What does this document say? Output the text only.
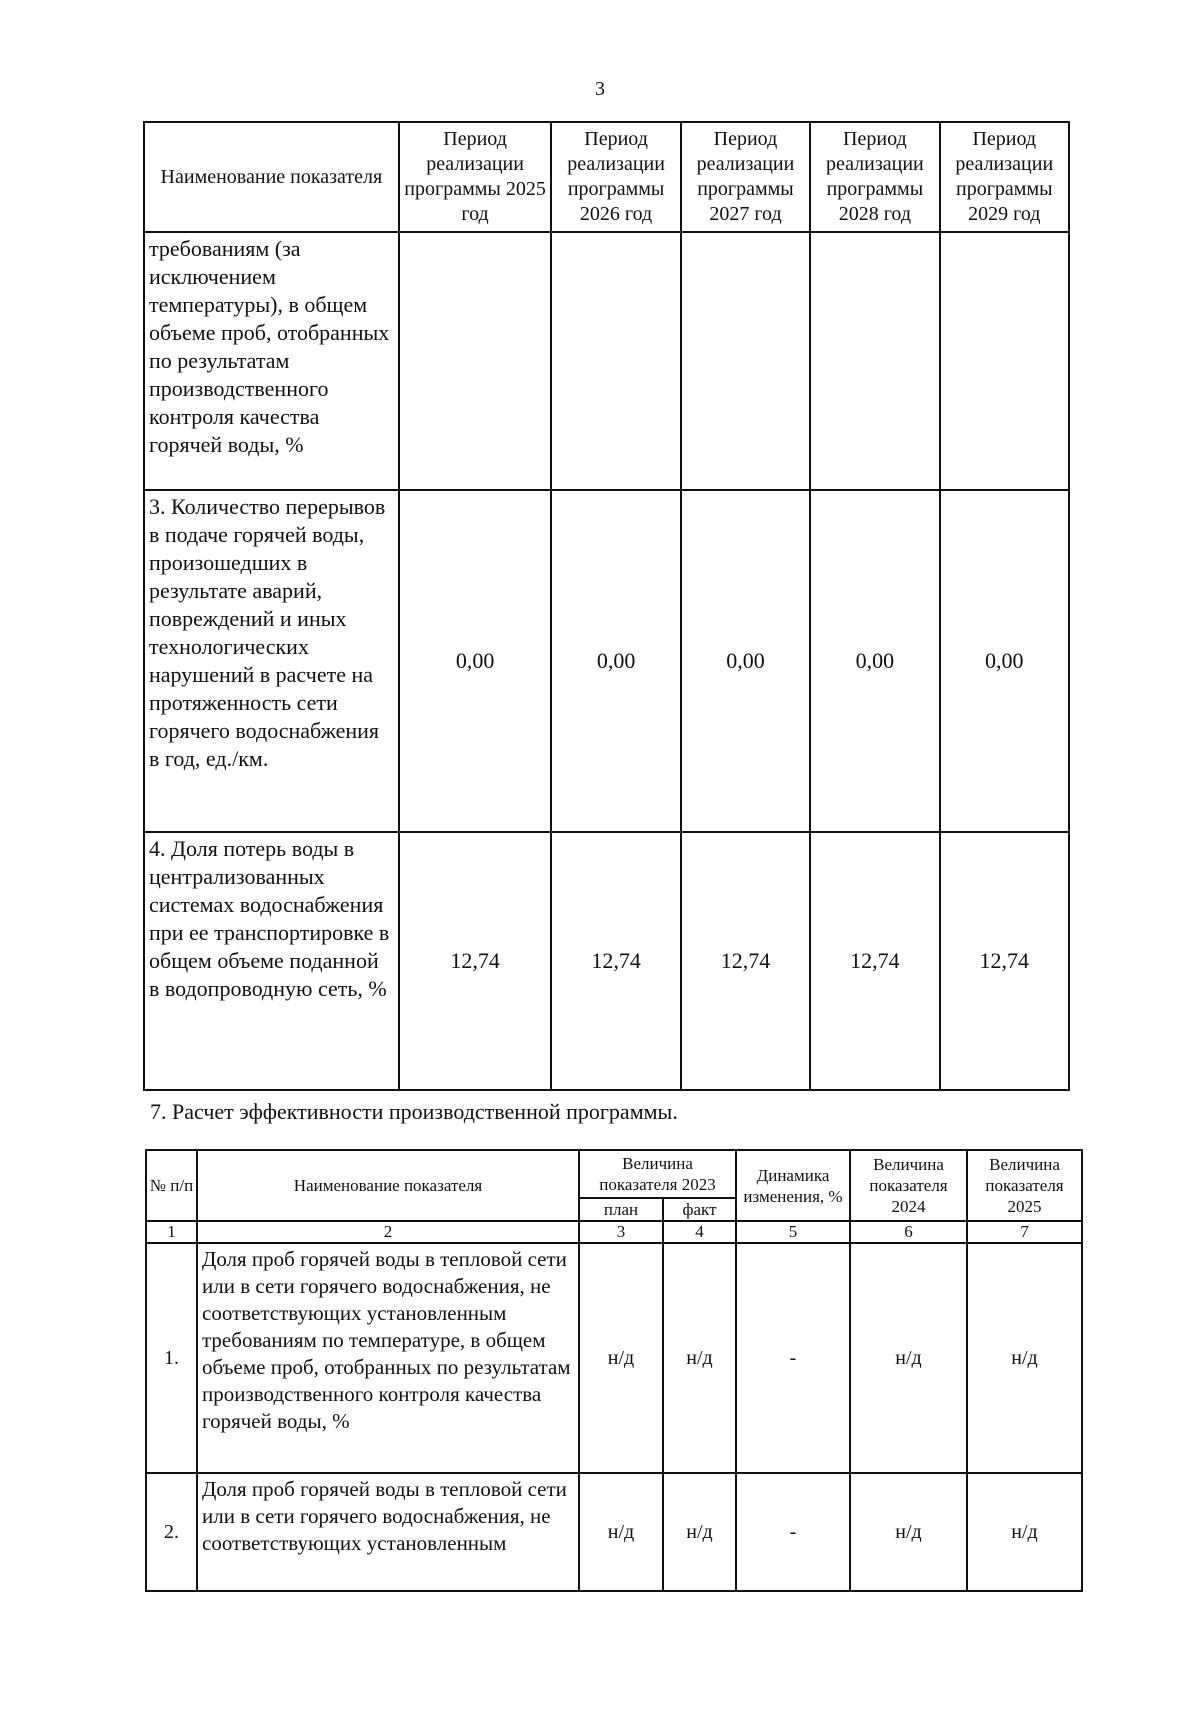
3
Наименование показателя	Период реализации программы 2025 год	Период реализации программы 2026 год	Период реализации программы 2027 год	Период реализации программы 2028 год	Период реализации программы 2029 год
требованиям (за исключением температуры), в общем объеме проб, отобранных по результатам производственного контроля качества горячей воды, %					
3. Количество перерывов в подаче горячей воды, произошедших в результате аварий, повреждений и иных технологических нарушений в расчете на протяженность сети горячего водоснабжения в год, ед./км.	0,00	0,00	0,00	0,00	0,00
4. Доля потерь воды в централизованных системах водоснабжения при ее транспортировке в общем объеме поданной в водопроводную сеть, %	12,74	12,74	12,74	12,74	12,74
7. Расчет эффективности производственной программы.
№ п/п	Наименование показателя	Величина показателя 2023		Динамика изменения, %	Величина показателя 2024	Величина показателя 2025
		план	факт			
1	2	3	4	5	6	7
1.	Доля проб горячей воды в тепловой сети или в сети горячего водоснабжения, не соответствующих установленным требованиям по температуре, в общем объеме проб, отобранных по результатам производственного контроля качества горячей воды, %	н/д	н/д	-	н/д	н/д
2.	Доля проб горячей воды в тепловой сети или в сети горячего водоснабжения, не соответствующих установленным	н/д	н/д	-	н/д	н/д
